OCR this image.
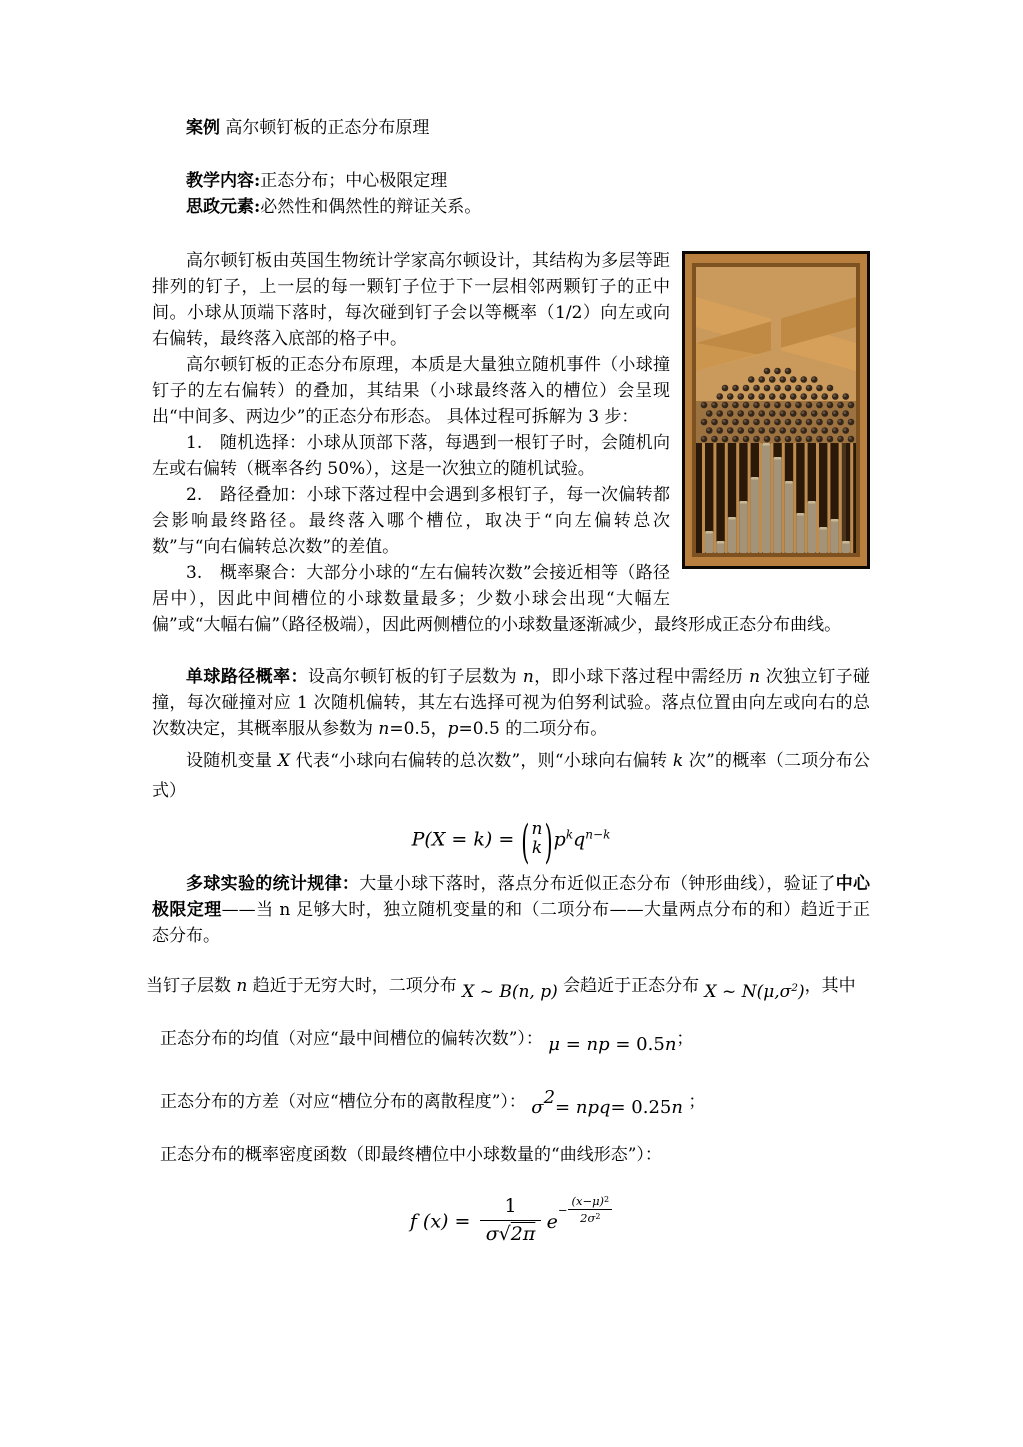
案例 高尔顿钉板的正态分布原理

教学内容:正态分布；中心极限定理

思政元素:必然性和偶然性的辩证关系。

高尔顿钉板由英国生物统计学家高尔顿设计，其结构为多层等距排列的钉子，上一层的每一颗钉子位于下一层相邻两颗钉子的正中间。小球从顶端下落时，每次碰到钉子会以等概率（1/2）向左或向右偏转，最终落入底部的格子中。

高尔顿钉板的正态分布原理，本质是大量独立随机事件（小球撞钉子的左右偏转）的叠加，其结果（小球最终落入的槽位）会呈现出“中间多、两边少”的正态分布形态。 具体过程可拆解为 3 步：

1.　随机选择：小球从顶部下落，每遇到一根钉子时，会随机向左或右偏转（概率各约 50%），这是一次独立的随机试验。

2.　路径叠加：小球下落过程中会遇到多根钉子，每一次偏转都会影响最终路径。最终落入哪个槽位，取决于“向左偏转总次数”与“向右偏转总次数”的差值。

3.　概率聚合：大部分小球的“左右偏转次数”会接近相等（路径居中），因此中间槽位的小球数量最多；少数小球会出现“大幅左偏”或“大幅右偏”（路径极端），因此两侧槽位的小球数量逐渐减少，最终形成正态分布曲线。

单球路径概率：设高尔顿钉板的钉子层数为 n，即小球下落过程中需经历 n 次独立钉子碰撞，每次碰撞对应 1 次随机偏转，其左右选择可视为伯努利试验。落点位置由向左或向右的总次数决定，其概率服从参数为 n=0.5，p=0.5 的二项分布。

设随机变量 X 代表“小球向右偏转的总次数”，则“小球向右偏转 k 次”的概率（二项分布公式）

P(X = k) = ( n
k )$p^kq^{n-k}$

多球实验的统计规律：大量小球下落时，落点分布近似正态分布（钟形曲线），验证了中心极限定理——当 n 足够大时，独立随机变量的和（二项分布——大量两点分布的和）趋近于正态分布。

当钉子层数 n 趋近于无穷大时，二项分布 X ~ B(n, p) 会趋近于正态分布 X ~ $N(\mu,\sigma^2)$，其中

正态分布的均值（对应“最中间槽位的偏转次数”）： μ = np = 0.5n；

正态分布的方差（对应“槽位分布的离散程度”）： σ2= npq= 0.25n ；

正态分布的概率密度函数（即最终槽位中小球数量的“曲线形态”）：

f $(x) = \frac{1}{\sigma√2\pi} e- \frac{(x-\mu)^2}{2\sigma^2}$
